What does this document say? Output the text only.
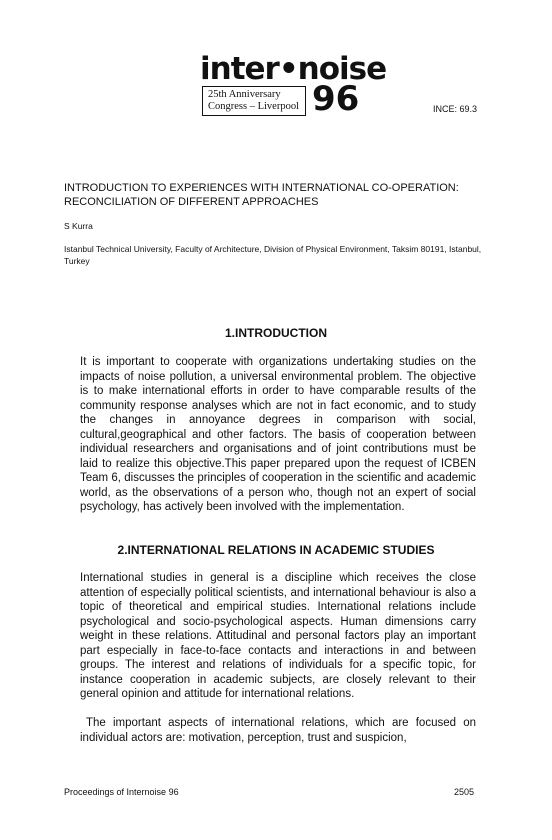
inter•noise
25th Anniversary
Congress – Liverpool 96	INCE: 69.3
INTRODUCTION TO EXPERIENCES WITH INTERNATIONAL CO-OPERATION: RECONCILIATION OF DIFFERENT APPROACHES
S Kurra
Istanbul Technical University, Faculty of Architecture, Division of Physical Environment, Taksim 80191, Istanbul, Turkey
1.INTRODUCTION
It is important to cooperate with organizations undertaking studies on the impacts of noise pollution, a universal environmental problem. The objective is to make international efforts in order to have comparable results of the community response analyses which are not in fact economic, and to study the changes in annoyance degrees in comparison with social, cultural,geographical and other factors. The basis of cooperation between individual researchers and organisations and of joint contributions must be laid to realize this objective.This paper prepared upon the request of ICBEN Team 6, discusses the principles of cooperation in the scientific and academic world, as the observations of a person who, though not an expert of social psychology, has actively been involved with the implementation.
2.INTERNATIONAL RELATIONS IN ACADEMIC STUDIES
International studies in general is a discipline which receives the close attention of especially political scientists, and international behaviour is also a topic of theoretical and empirical studies. International relations include psychological and socio-psychological aspects. Human dimensions carry weight in these relations. Attitudinal and personal factors play an important part especially in face-to-face contacts and interactions in and between groups. The interest and relations of individuals for a specific topic, for instance cooperation in academic subjects, are closely relevant to their general opinion and attitude for international relations.
The important aspects of international relations, which are focused on individual actors are: motivation, perception, trust and suspicion,
Proceedings of Internoise 96	2505
